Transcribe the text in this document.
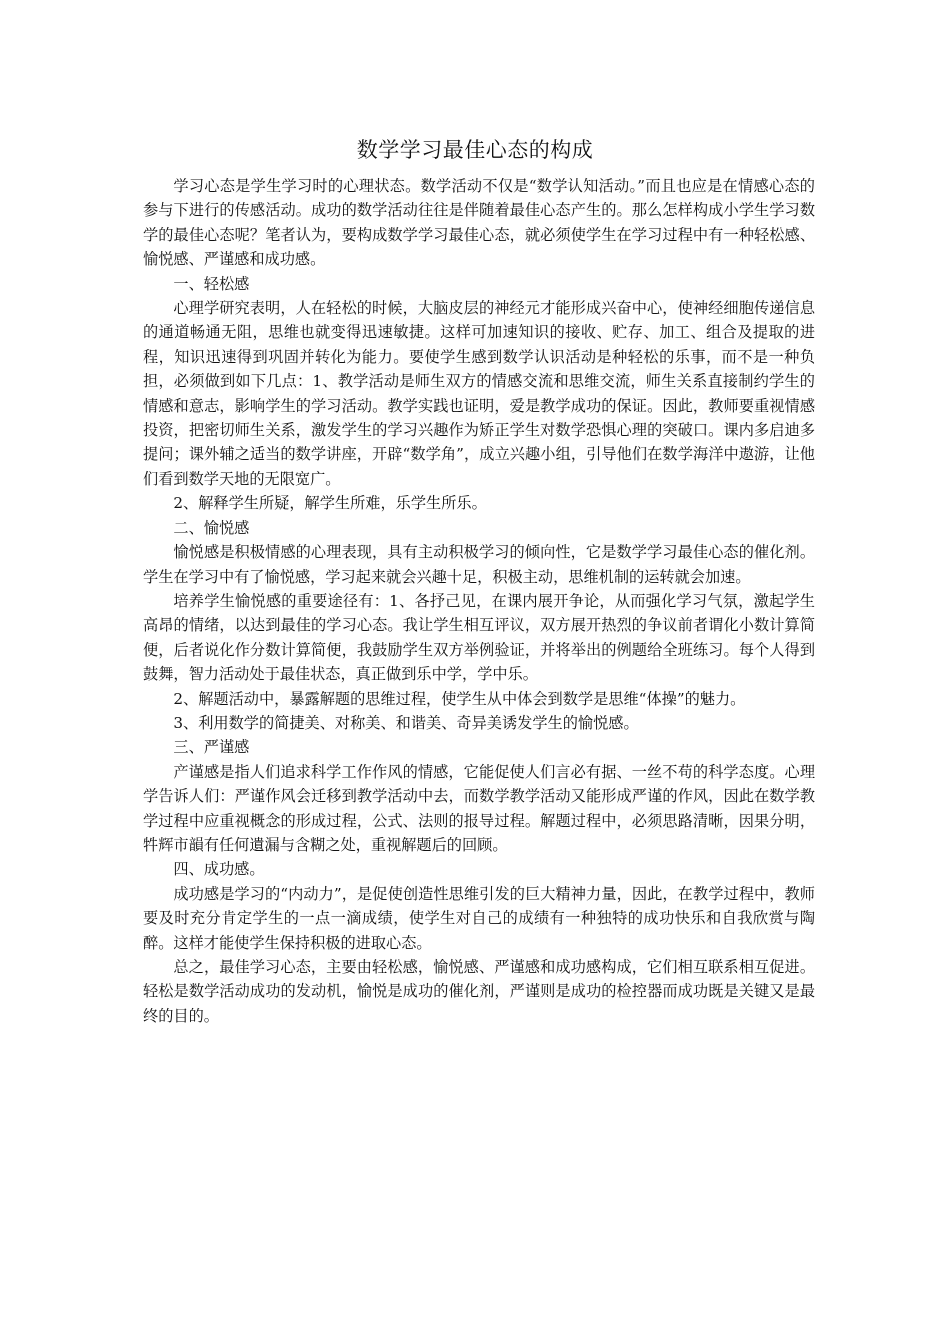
数学学习最佳心态的构成

学习心态是学生学习时的心理状态。数学活动不仅是“数学认知活动。”而且也应是在情感心态的参与下进行的传感活动。成功的数学活动往往是伴随着最佳心态产生的。那么怎样构成小学生学习数学的最佳心态呢？笔者认为，要构成数学学习最佳心态，就必须使学生在学习过程中有一种轻松感、愉悦感、严谨感和成功感。

一、轻松感

心理学研究表明，人在轻松的时候，大脑皮层的神经元才能形成兴奋中心，使神经细胞传递信息的通道畅通无阻，思维也就变得迅速敏捷。这样可加速知识的接收、贮存、加工、组合及提取的进程，知识迅速得到巩固并转化为能力。要使学生感到数学认识活动是种轻松的乐事，而不是一种负担，必须做到如下几点：1、教学活动是师生双方的情感交流和思维交流，师生关系直接制约学生的情感和意志，影响学生的学习活动。教学实践也证明，爱是教学成功的保证。因此，教师要重视情感投资，把密切师生关系，激发学生的学习兴趣作为矫正学生对数学恐惧心理的突破口。课内多启迪多提问；课外辅之适当的数学讲座，开辟“数学角”，成立兴趣小组，引导他们在数学海洋中遨游，让他们看到数学天地的无限宽广。

2、解释学生所疑，解学生所难，乐学生所乐。

二、愉悦感

愉悦感是积极情感的心理表现，具有主动积极学习的倾向性，它是数学学习最佳心态的催化剂。学生在学习中有了愉悦感，学习起来就会兴趣十足，积极主动，思维机制的运转就会加速。

培养学生愉悦感的重要途径有：1、各抒己见，在课内展开争论，从而强化学习气氛，激起学生高昂的情绪，以达到最佳的学习心态。我让学生相互评议，双方展开热烈的争议前者谓化小数计算简便，后者说化作分数计算简便，我鼓励学生双方举例验证，并将举出的例题给全班练习。每个人得到鼓舞，智力活动处于最佳状态，真正做到乐中学，学中乐。

2、解题活动中，暴露解题的思维过程，使学生从中体会到数学是思维“体操”的魅力。

3、利用数学的简捷美、对称美、和谐美、奇异美诱发学生的愉悦感。

三、严谨感

产谨感是指人们追求科学工作作风的情感，它能促使人们言必有据、一丝不苟的科学态度。心理学告诉人们：严谨作风会迁移到教学活动中去，而数学教学活动又能形成严谨的作风，因此在数学教学过程中应重视概念的形成过程，公式、法则的报导过程。解题过程中，必须思路清晰，因果分明，牪辉市韻有任何遺漏与含糊之处，重视解题后的回顾。

四、成功感。

成功感是学习的“内动力”，是促使创造性思维引发的巨大精神力量，因此，在教学过程中，教师要及时充分肯定学生的一点一滴成绩，使学生对自己的成绩有一种独特的成功快乐和自我欣赏与陶醉。这样才能使学生保持积极的进取心态。

总之，最佳学习心态，主要由轻松感，愉悦感、严谨感和成功感构成，它们相互联系相互促进。轻松是数学活动成功的发动机，愉悦是成功的催化剂，严谨则是成功的检控器而成功既是关键又是最终的目的。
